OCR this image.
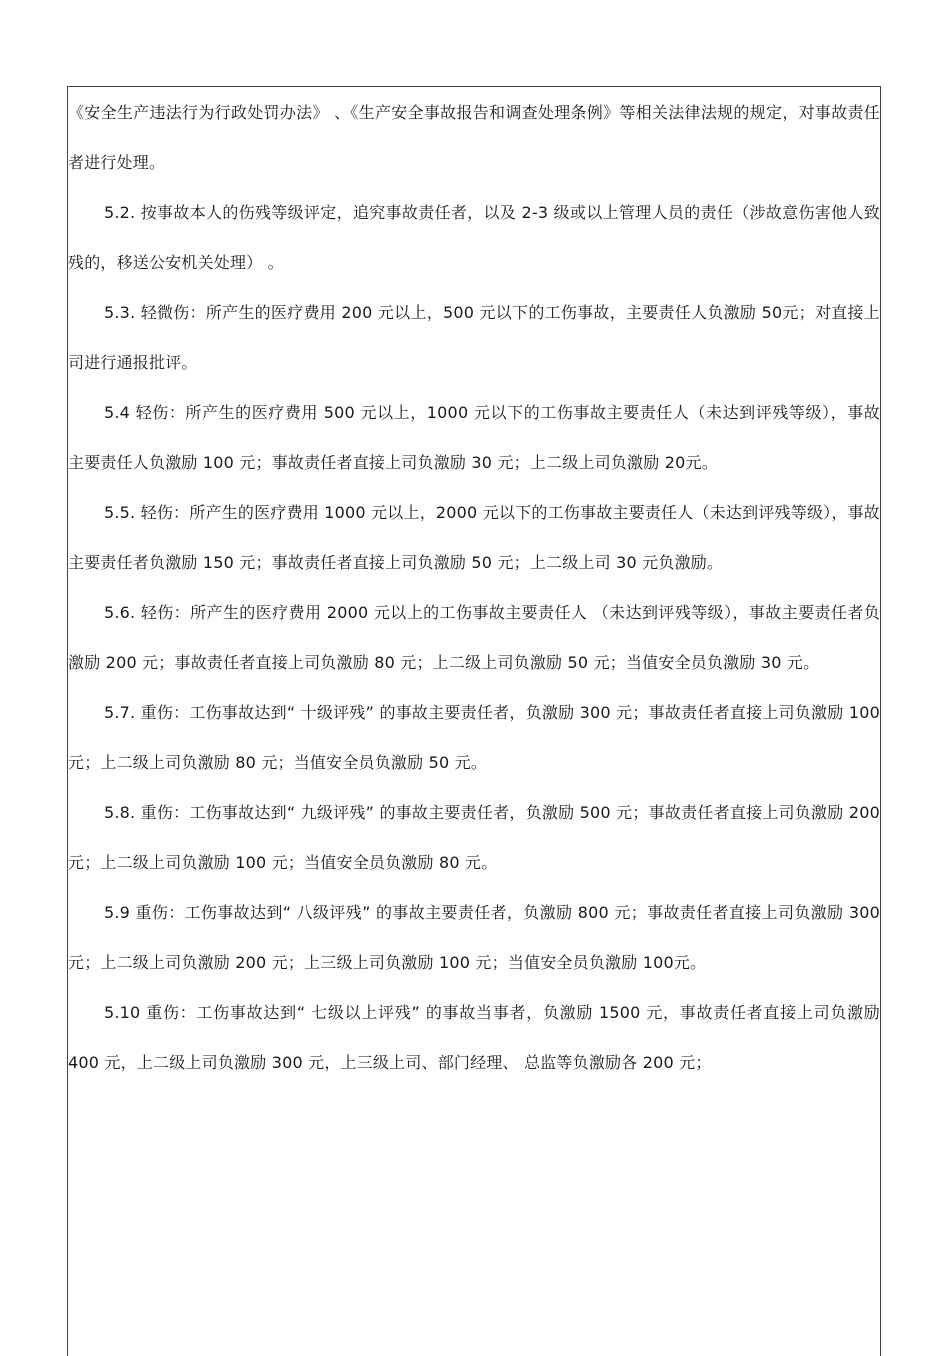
《安全生产违法行为行政处罚办法》 、《生产安全事故报告和调查处理条例》等相关法律法规的规定，对事故责任者进行处理。

5.2. 按事故本人的伤残等级评定，追究事故责任者，以及 2-3 级或以上管理人员的责任（涉故意伤害他人致残的，移送公安机关处理） 。

5.3. 轻微伤：所产生的医疗费用 200 元以上，500 元以下的工伤事故，主要责任人负激励 50元；对直接上司进行通报批评。

5.4 轻伤：所产生的医疗费用 500 元以上，1000 元以下的工伤事故主要责任人（未达到评残等级），事故主要责任人负激励 100 元；事故责任者直接上司负激励 30 元；上二级上司负激励 20元。

5.5. 轻伤：所产生的医疗费用 1000 元以上，2000 元以下的工伤事故主要责任人（未达到评残等级），事故主要责任者负激励 150 元；事故责任者直接上司负激励 50 元；上二级上司 30 元负激励。

5.6. 轻伤：所产生的医疗费用 2000 元以上的工伤事故主要责任人 （未达到评残等级），事故主要责任者负激励 200 元；事故责任者直接上司负激励 80 元；上二级上司负激励 50 元；当值安全员负激励 30 元。

5.7. 重伤：工伤事故达到“ 十级评残” 的事故主要责任者，负激励 300 元；事故责任者直接上司负激励 100 元；上二级上司负激励 80 元；当值安全员负激励 50 元。

5.8. 重伤：工伤事故达到“ 九级评残” 的事故主要责任者，负激励 500 元；事故责任者直接上司负激励 200 元；上二级上司负激励 100 元；当值安全员负激励 80 元。

5.9 重伤：工伤事故达到“ 八级评残” 的事故主要责任者，负激励 800 元；事故责任者直接上司负激励 300 元；上二级上司负激励 200 元；上三级上司负激励 100 元；当值安全员负激励 100元。

5.10 重伤：工伤事故达到“ 七级以上评残” 的事故当事者，负激励 1500 元，事故责任者直接上司负激励 400 元，上二级上司负激励 300 元，上三级上司、部门经理、 总监等负激励各 200 元；
